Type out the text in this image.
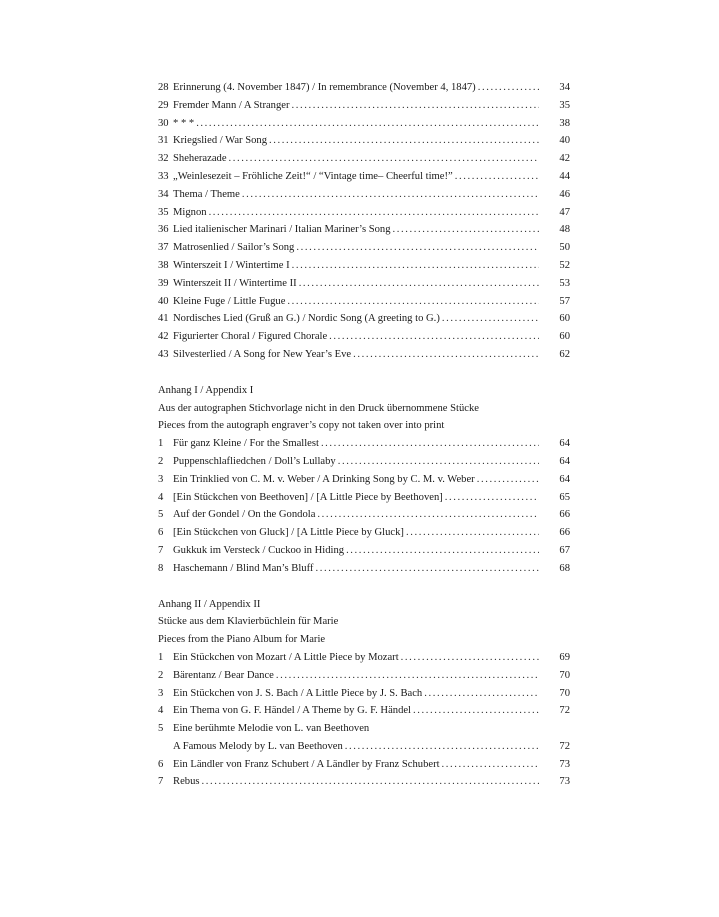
28 Erinnerung (4. November 1847) / In remembrance (November 4, 1847) .....	34
29 Fremder Mann / A Stranger .....	35
30 * * * .....	38
31 Kriegslied / War Song .....	40
32 Sheherazade .....	42
33 „Weinlesezeit – Fröhliche Zeit!“ / “Vintage time– Cheerful time!” .....	44
34 Thema / Theme .....	46
35 Mignon .....	47
36 Lied italienischer Marinari / Italian Mariner’s Song .....	48
37 Matrosenlied / Sailor’s Song .....	50
38 Winterszeit I / Wintertime I .....	52
39 Winterszeit II / Wintertime II .....	53
40 Kleine Fuge / Little Fugue .....	57
41 Nordisches Lied (Gruß an G.) / Nordic Song (A greeting to G.) .....	60
42 Figurierter Choral / Figured Chorale .....	60
43 Silvesterlied / A Song for New Year’s Eve .....	62
Anhang I / Appendix I
Aus der autographen Stichvorlage nicht in den Druck übernommene Stücke
Pieces from the autograph engraver’s copy not taken over into print
1 Für ganz Kleine / For the Smallest .....	64
2 Puppenschlafliedchen / Doll’s Lullaby .....	64
3 Ein Trinklied von C. M. v. Weber / A Drinking Song by C. M. v. Weber .....	64
4 [Ein Stückchen von Beethoven] / [A Little Piece by Beethoven] .....	65
5 Auf der Gondel / On the Gondola .....	66
6 [Ein Stückchen von Gluck] / [A Little Piece by Gluck] .....	66
7 Gukkuk im Versteck / Cuckoo in Hiding .....	67
8 Haschemann / Blind Man’s Bluff .....	68
Anhang II / Appendix II
Stücke aus dem Klavierbüchlein für Marie
Pieces from the Piano Album for Marie
1 Ein Stückchen von Mozart / A Little Piece by Mozart .....	69
2 Bärentanz / Bear Dance .....	70
3 Ein Stückchen von J. S. Bach / A Little Piece by J. S. Bach .....	70
4 Ein Thema von G. F. Händel / A Theme by G. F. Händel .....	72
5 Eine berühmte Melodie von L. van Beethoven
A Famous Melody by L. van Beethoven .....	72
6 Ein Ländler von Franz Schubert / A Ländler by Franz Schubert .....	73
7 Rebus .....	73
